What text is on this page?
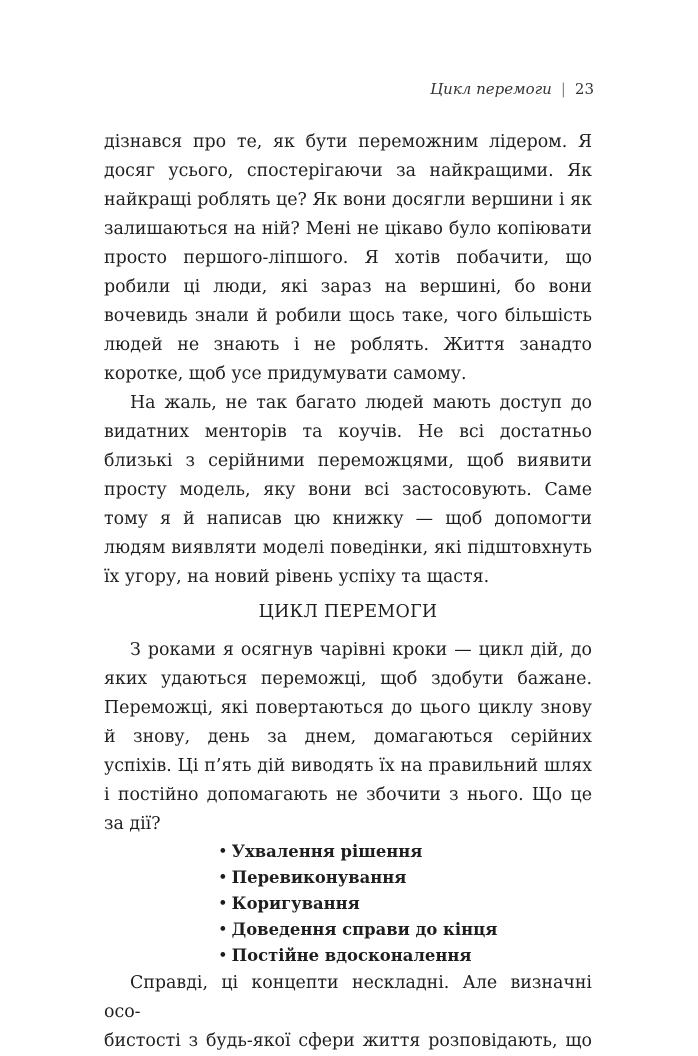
Цикл перемоги | 23

дізнався про те, як бути переможним лідером. Я досяг усього, спостерігаючи за найкращими. Як найкращі роблять це? Як вони досягли вершини і як залишаються на ній? Мені не цікаво було копіювати просто першого-ліпшого. Я хотів побачити, що робили ці люди, які зараз на вершині, бо вони вочевидь знали й робили щось таке, чого більшість людей не знають і не роблять. Життя занадто коротке, щоб усе придумувати самому.

На жаль, не так багато людей мають доступ до видатних менторів та коучів. Не всі достатньо близькі з серійними переможцями, щоб виявити просту модель, яку вони всі застосовують. Саме тому я й написав цю книжку — щоб допомогти людям виявляти моделі поведінки, які підштовхнуть їх угору, на новий рівень успіху та щастя.

ЦИКЛ ПЕРЕМОГИ

З роками я осягнув чарівні кроки — цикл дій, до яких удаються переможці, щоб здобути бажане. Переможці, які повертаються до цього циклу знову й знову, день за днем, домагаються серійних успіхів. Ці п’ять дій виводять їх на правильний шлях і постійно допомагають не збочити з нього. Що це за дії?

• Ухвалення рішення
• Перевиконування
• Коригування
• Доведення справи до кінця
• Постійне вдосконалення

Справді, ці концепти нескладні. Але визначні осо-

бистості з будь-якої сфери життя розповідають, що
